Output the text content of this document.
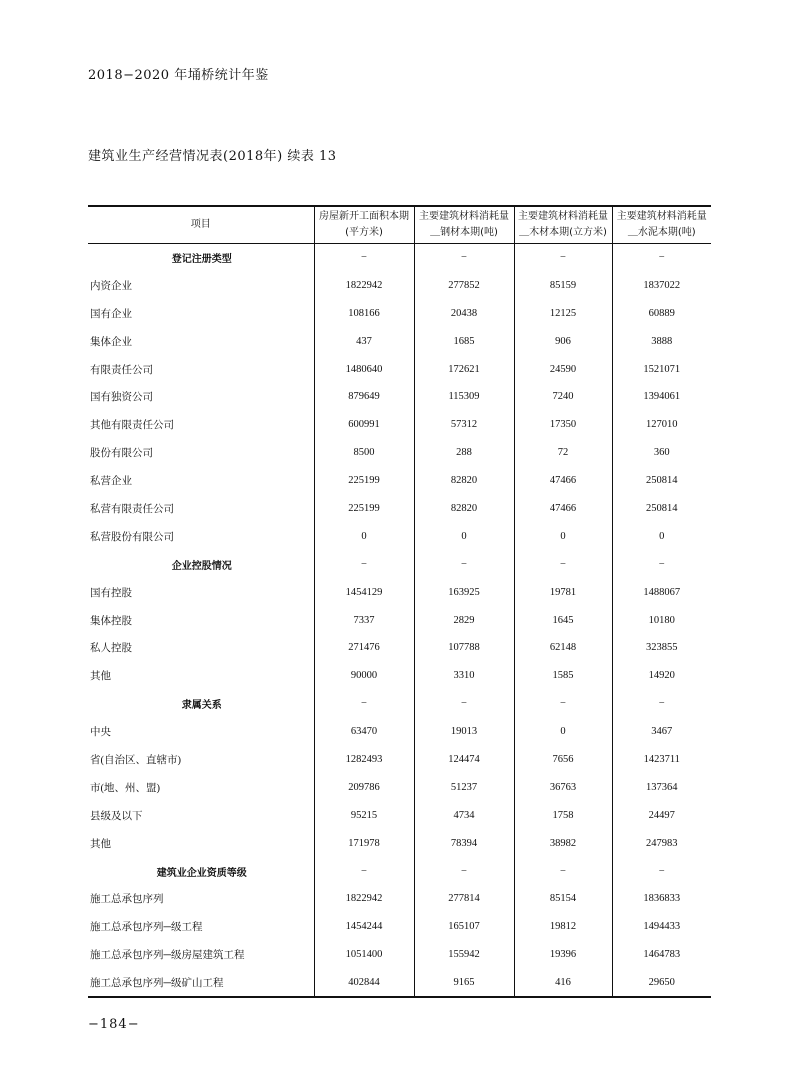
2018−2020 年埇桥统计年鉴
建筑业生产经营情况表(2018年) 续表 13
项目	房屋新开工面积本期(平方米)	主要建筑材料消耗量＿钢材本期(吨)	主要建筑材料消耗量＿木材本期(立方米)	主要建筑材料消耗量＿水泥本期(吨)
登记注册类型	−	−	−	−
内资企业	1822942	277852	85159	1837022
国有企业	108166	20438	12125	60889
集体企业	437	1685	906	3888
有限责任公司	1480640	172621	24590	1521071
国有独资公司	879649	115309	7240	1394061
其他有限责任公司	600991	57312	17350	127010
股份有限公司	8500	288	72	360
私营企业	225199	82820	47466	250814
私营有限责任公司	225199	82820	47466	250814
私营股份有限公司	0	0	0	0
企业控股情况	−	−	−	−
国有控股	1454129	163925	19781	1488067
集体控股	7337	2829	1645	10180
私人控股	271476	107788	62148	323855
其他	90000	3310	1585	14920
隶属关系	−	−	−	−
中央	63470	19013	0	3467
省(自治区、直辖市)	1282493	124474	7656	1423711
市(地、州、盟)	209786	51237	36763	137364
县级及以下	95215	4734	1758	24497
其他	171978	78394	38982	247983
建筑业企业资质等级	−	−	−	−
施工总承包序列	1822942	277814	85154	1836833
施工总承包序列─级工程	1454244	165107	19812	1494433
施工总承包序列─级房屋建筑工程	1051400	155942	19396	1464783
施工总承包序列─级矿山工程	402844	9165	416	29650
−184−
